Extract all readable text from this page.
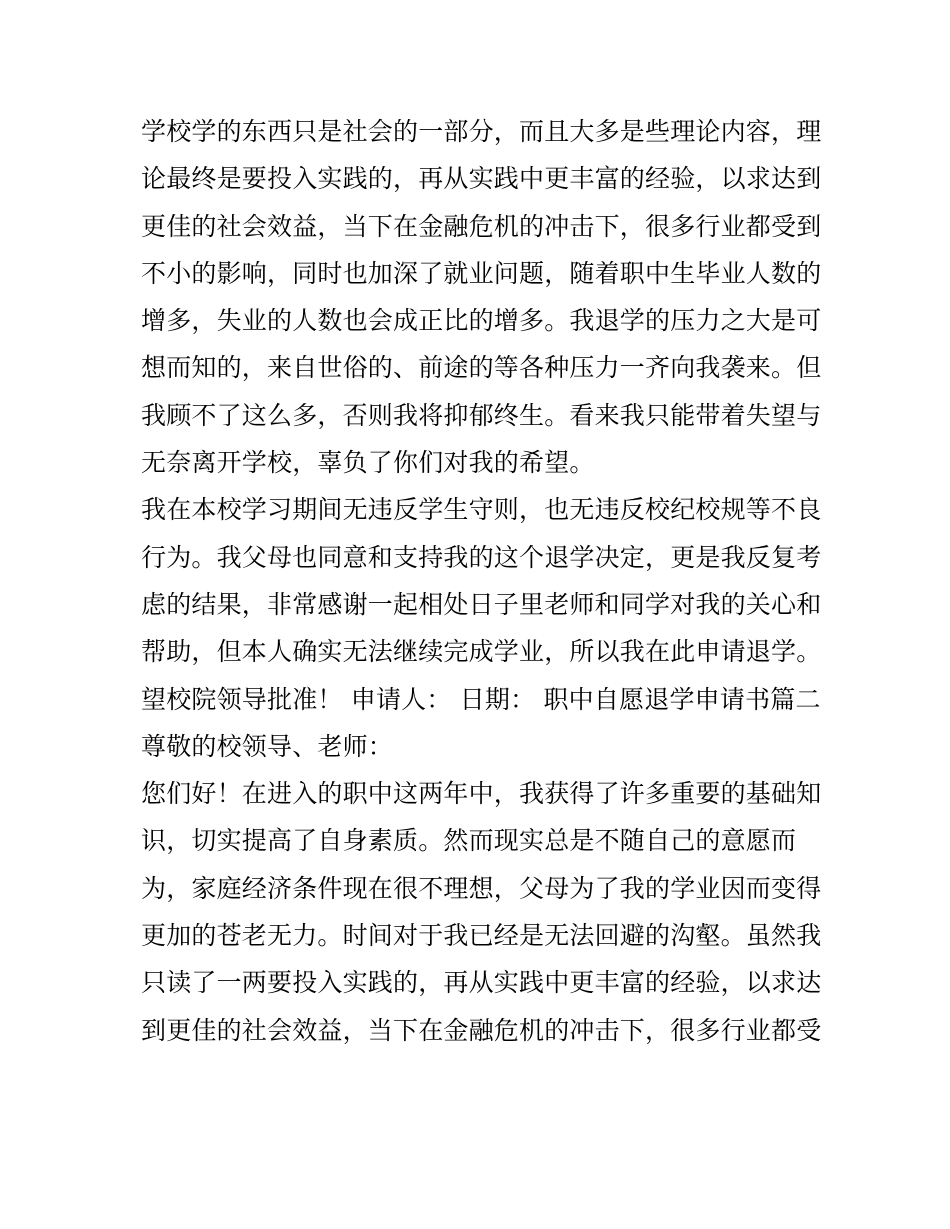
学校学的东西只是社会的一部分，而且大多是些理论内容，理
论最终是要投入实践的，再从实践中更丰富的经验，以求达到
更佳的社会效益，当下在金融危机的冲击下，很多行业都受到
不小的影响，同时也加深了就业问题，随着职中生毕业人数的
增多，失业的人数也会成正比的增多。我退学的压力之大是可
想而知的，来自世俗的、前途的等各种压力一齐向我袭来。但
我顾不了这么多，否则我将抑郁终生。看来我只能带着失望与
无奈离开学校，辜负了你们对我的希望。
我在本校学习期间无违反学生守则，也无违反校纪校规等不良
行为。我父母也同意和支持我的这个退学决定，更是我反复考
虑的结果，非常感谢一起相处日子里老师和同学对我的关心和
帮助，但本人确实无法继续完成学业，所以我在此申请退学。
望校院领导批准！ 申请人： 日期： 职中自愿退学申请书篇二
尊敬的校领导、老师：
您们好！在进入的职中这两年中，我获得了许多重要的基础知
识，切实提高了自身素质。然而现实总是不随自己的意愿而
为，家庭经济条件现在很不理想，父母为了我的学业因而变得
更加的苍老无力。时间对于我已经是无法回避的沟壑。虽然我
只读了一两要投入实践的，再从实践中更丰富的经验，以求达
到更佳的社会效益，当下在金融危机的冲击下，很多行业都受
